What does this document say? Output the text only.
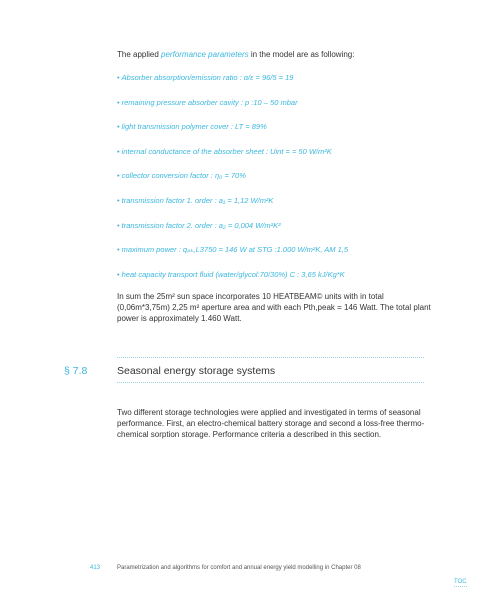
The applied performance parameters in the model are as following:
• Absorber absorption/emission ratio : α/ε = 96/5 = 19
• remaining pressure absorber cavity : p :10 – 50 mbar
• light transmission polymer cover : LT = 89%
• internal conductance of the absorber sheet : Uint = = 50 W/m²K
• collector conversion factor : η₀ = 70%
• transmission factor 1. order : a₁ = 1,12 W/m²K
• transmission factor 2. order : a₂ = 0,004 W/m²K²
• maximum power : qₚₖ,L3750 = 146 W at STG :1.000 W/m²K, AM 1,5
• heat capacity transport fluid (water/glycol:70/30%) C : 3,65 kJ/Kg*K

In sum the 25m² sun space incorporates 10 HEATBEAM© units with in total (0,06m*3,75m) 2,25 m² aperture area and with each Pth,peak = 146 Watt. The total plant power is approximately 1.460 Watt.

§ 7.8	Seasonal energy storage systems

Two different storage technologies were applied and investigated in terms of seasonal performance. First, an electro-chemical battery storage and second a loss-free thermo-chemical sorption storage. Performance criteria a described in this section.

413	Parametrization and algorithms for comfort and annual energy yield modelling in Chapter 08
TOC
